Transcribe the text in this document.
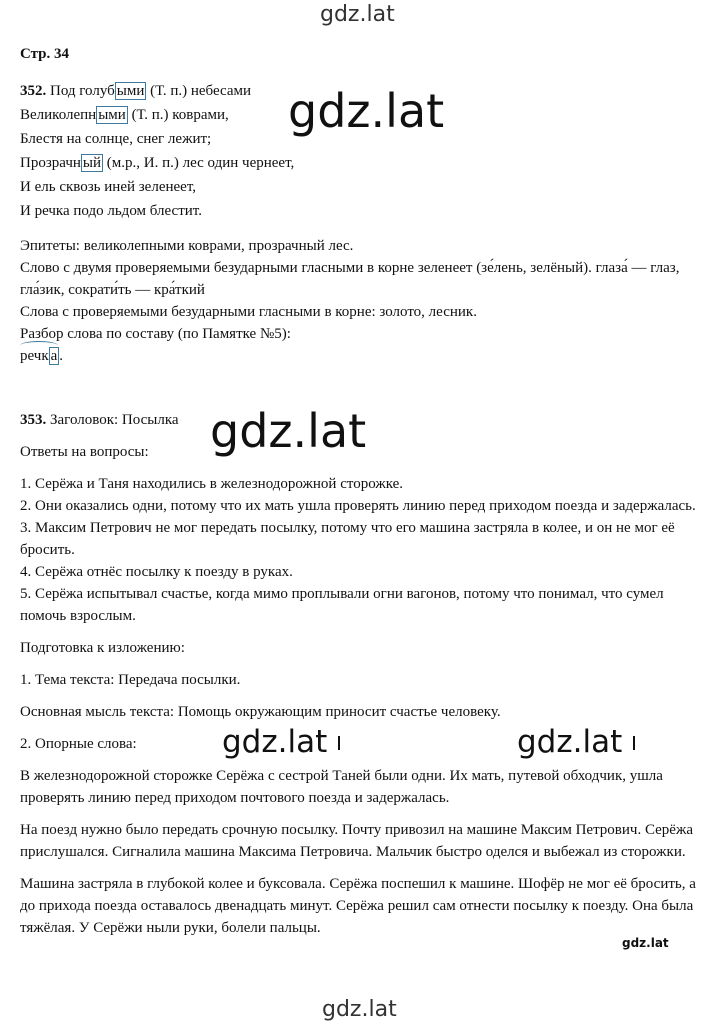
gdz.lat
gdz.lat
gdz.lat
gdz.lat	gdz.lat
gdz.lat
gdz.lat
Стр. 34
352. Под голуб ыми (Т. п.) небесами
Великолепн ыми (Т. п.) коврами,
Блестя на солнце, снег лежит;
Прозрачн ый (м.р., И. п.) лес один чернеет,
И ель сквозь иней зеленеет,
И речка подо льдом блестит.

Эпитеты: великолепными коврами, прозрачный лес.

Слово с двумя проверяемыми безударными гласными в корне зеленеет (зе́лень, зелёный). глаза́ — глаз, гла́зик, сократи́ть — кра́ткий

Слова с проверяемыми безударными гласными в корне: золото, лесник.

Разбор слова по составу (по Памятке №5):

речк а .

353. Заголовок: Посылка

Ответы на вопросы:

1. Серёжа и Таня находились в железнодорожной сторожке.

2. Они оказались одни, потому что их мать ушла проверять линию перед приходом поезда и задержалась.

3. Максим Петрович не мог передать посылку, потому что его машина застряла в колее, и он не мог её бросить.

4. Серёжа отнёс посылку к поезду в руках.

5. Серёжа испытывал счастье, когда мимо проплывали огни вагонов, потому что понимал, что сумел помочь взрослым.

Подготовка к изложению:

1. Тема текста: Передача посылки.

Основная мысль текста: Помощь окружающим приносит счастье человеку.

2. Опорные слова:

В железнодорожной сторожке Серёжа с сестрой Таней были одни. Их мать, путевой обходчик, ушла проверять линию перед приходом почтового поезда и задержалась.

На поезд нужно было передать срочную посылку. Почту привозил на машине Максим Петрович. Серёжа прислушался. Сигналила машина Максима Петровича. Мальчик быстро оделся и выбежал из сторожки.

Машина застряла в глубокой колее и буксовала. Серёжа поспешил к машине. Шофёр не мог её бросить, а до прихода поезда оставалось двенадцать минут. Серёжа решил сам отнести посылку к поезду. Она была тяжёлая. У Серёжи ныли руки, болели пальцы.
